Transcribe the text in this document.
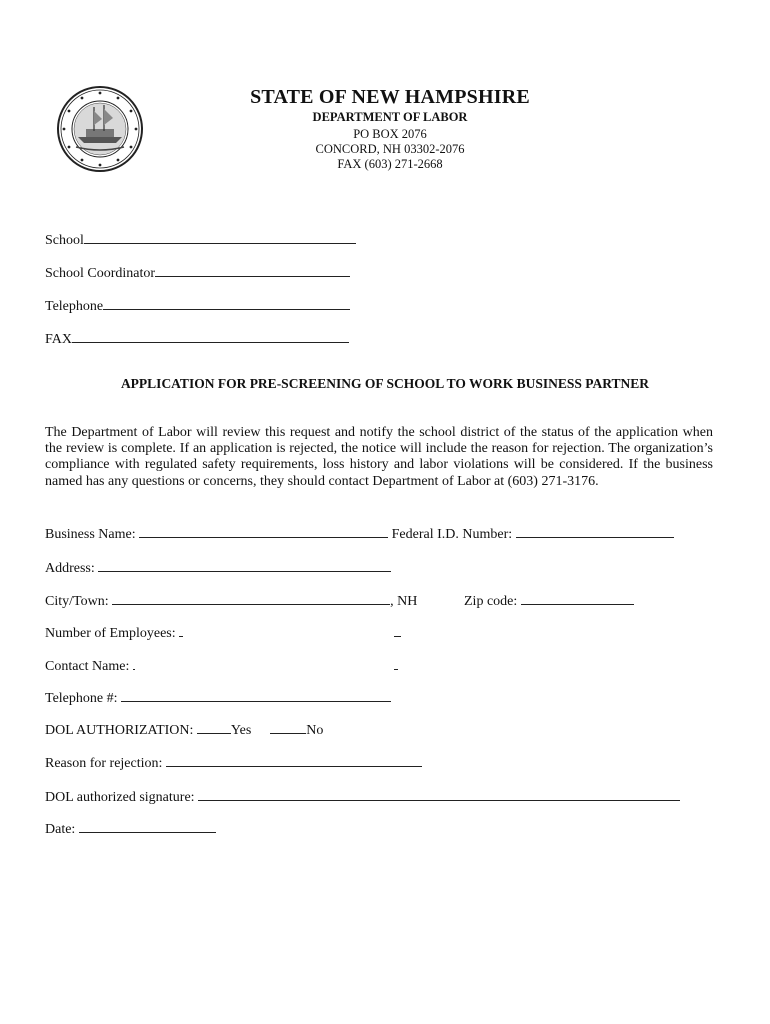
STATE OF NEW HAMPSHIRE
DEPARTMENT OF LABOR
PO BOX 2076
CONCORD, NH 03302-2076
FAX (603) 271-2668
School
School Coordinator
Telephone
FAX
APPLICATION FOR PRE-SCREENING OF SCHOOL TO WORK BUSINESS PARTNER
The Department of Labor will review this request and notify the school district of the status of the application when the review is complete. If an application is rejected, the notice will include the reason for rejection. The organization’s compliance with regulated safety requirements, loss history and labor violations will be considered. If the business named has any questions or concerns, they should contact Department of Labor at (603) 271-3176.
Business Name:	Federal I.D. Number:
Address:
City/Town:	, NH	Zip code:
Number of Employees:
Contact Name:
Telephone #:
DOL AUTHORIZATION:	Yes	No
Reason for rejection:
DOL authorized signature:
Date:
